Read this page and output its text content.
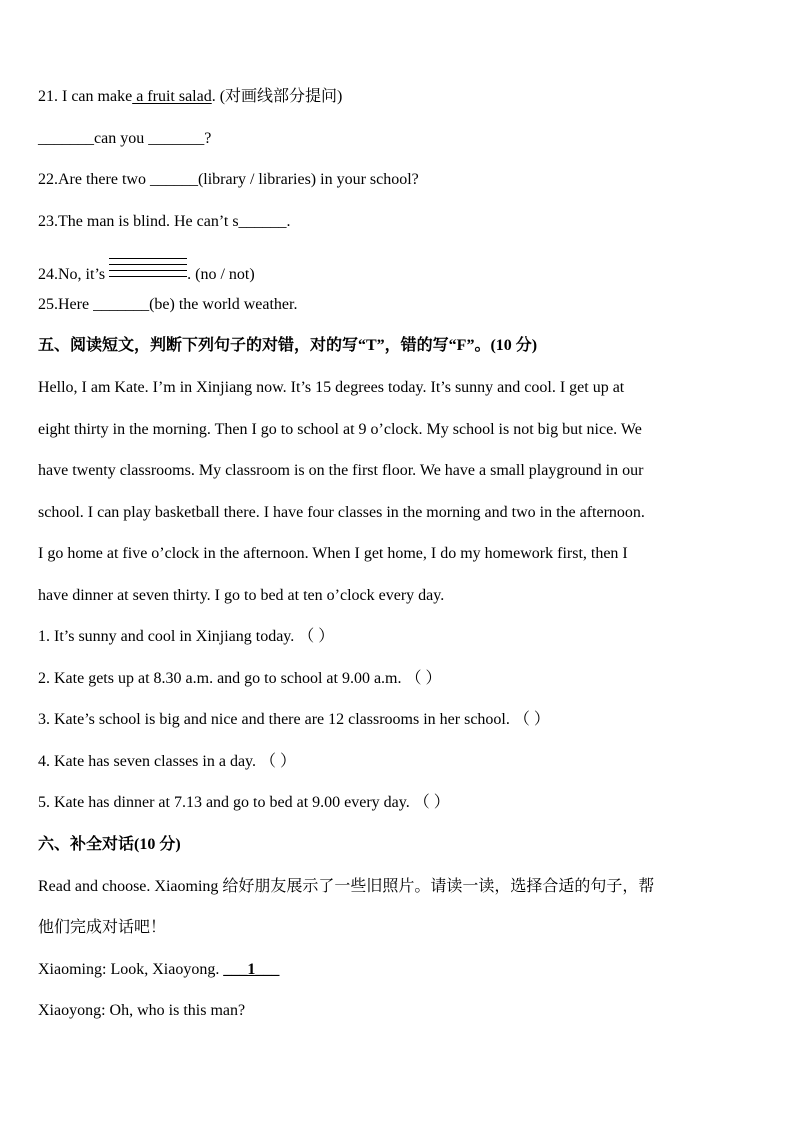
21. I can make a fruit salad. (对画线部分提问)
_______can you _______?
22.Are there two ______(library / libraries) in your school?
23.The man is blind. He can’t s______.
24.No, it’s	. (no / not)
25.Here _______(be) the world weather.
五、阅读短文，判断下列句子的对错，对的写“T”，错的写“F”。(10 分)
Hello, I am Kate. I’m in Xinjiang now. It’s 15 degrees today. It’s sunny and cool. I get up at
eight thirty in the morning. Then I go to school at 9 o’clock. My school is not big but nice. We
have twenty classrooms. My classroom is on the first floor. We have a small playground in our
school. I can play basketball there. I have four classes in the morning and two in the afternoon.
I go home at five o’clock in the afternoon. When I get home, I do my homework first, then I
have dinner at seven thirty. I go to bed at ten o’clock every day.
1. It’s sunny and cool in Xinjiang today. （ ）
2. Kate gets up at 8.30 a.m. and go to school at 9.00 a.m. （ ）
3. Kate’s school is big and nice and there are 12 classrooms in her school. （ ）
4. Kate has seven classes in a day. （ ）
5. Kate has dinner at 7.13 and go to bed at 9.00 every day. （ ）
六、补全对话(10 分)
Read and choose. Xiaoming 给好朋友展示了一些旧照片。请读一读，选择合适的句子，帮
他们完成对话吧！
Xiaoming: Look, Xiaoyong. ___1___
Xiaoyong: Oh, who is this man?
